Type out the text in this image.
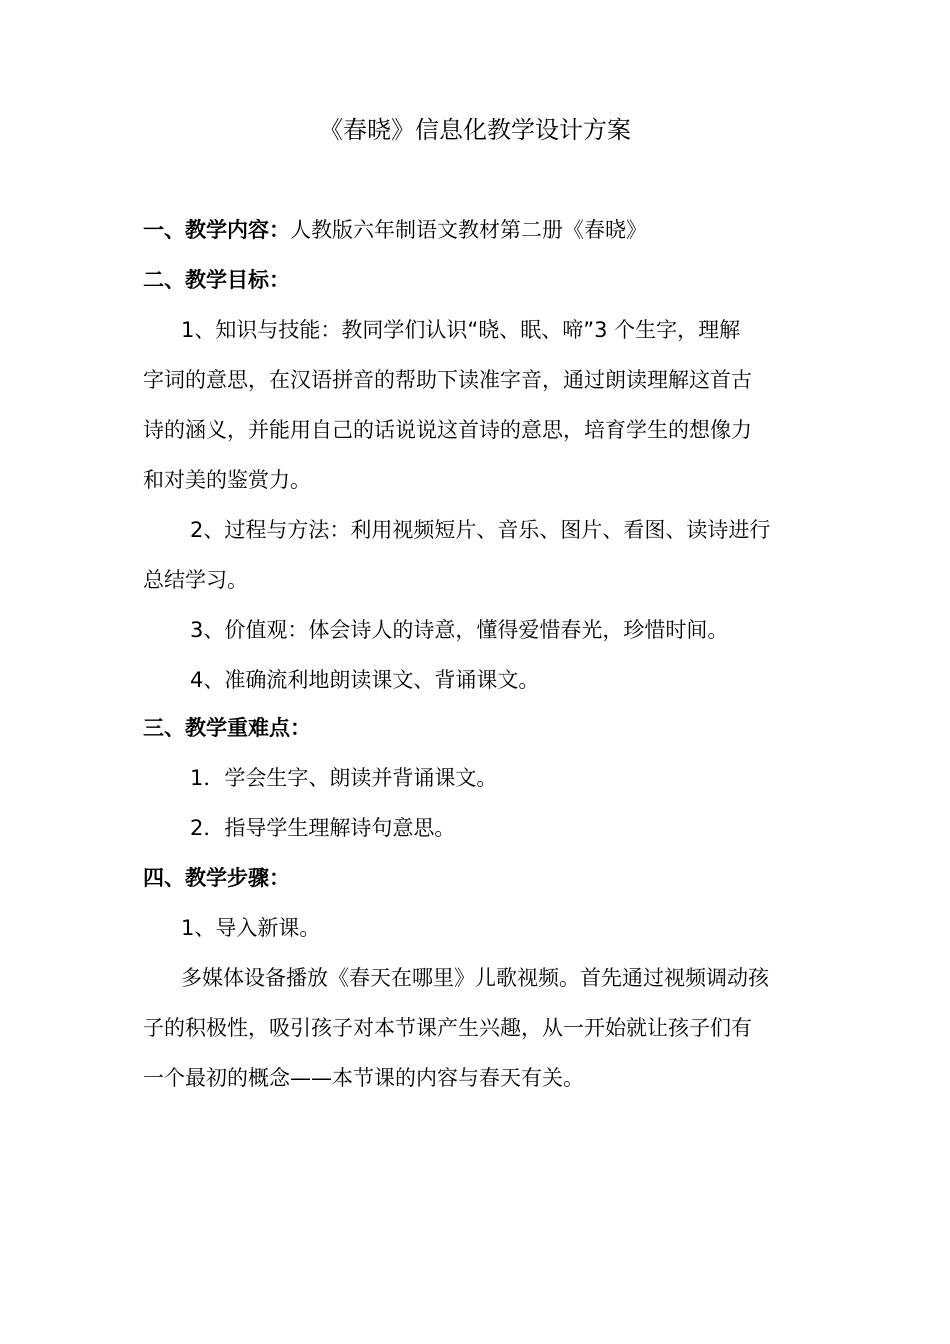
《春晓》信息化教学设计方案
一、教学内容：人教版六年制语文教材第二册《春晓》
二、教学目标：
1、知识与技能：教同学们认识“晓、眠、啼”3 个生字，理解
字词的意思，在汉语拼音的帮助下读准字音，通过朗读理解这首古
诗的涵义，并能用自己的话说说这首诗的意思，培育学生的想像力
和对美的鉴赏力。
2、过程与方法：利用视频短片、音乐、图片、看图、读诗进行
总结学习。
3、价值观：体会诗人的诗意，懂得爱惜春光，珍惜时间。
4、准确流利地朗读课文、背诵课文。
三、教学重难点：
1．学会生字、朗读并背诵课文。
2．指导学生理解诗句意思。
四、教学步骤：
1、导入新课。
多媒体设备播放《春天在哪里》儿歌视频。首先通过视频调动孩
子的积极性，吸引孩子对本节课产生兴趣，从一开始就让孩子们有
一个最初的概念——本节课的内容与春天有关。
